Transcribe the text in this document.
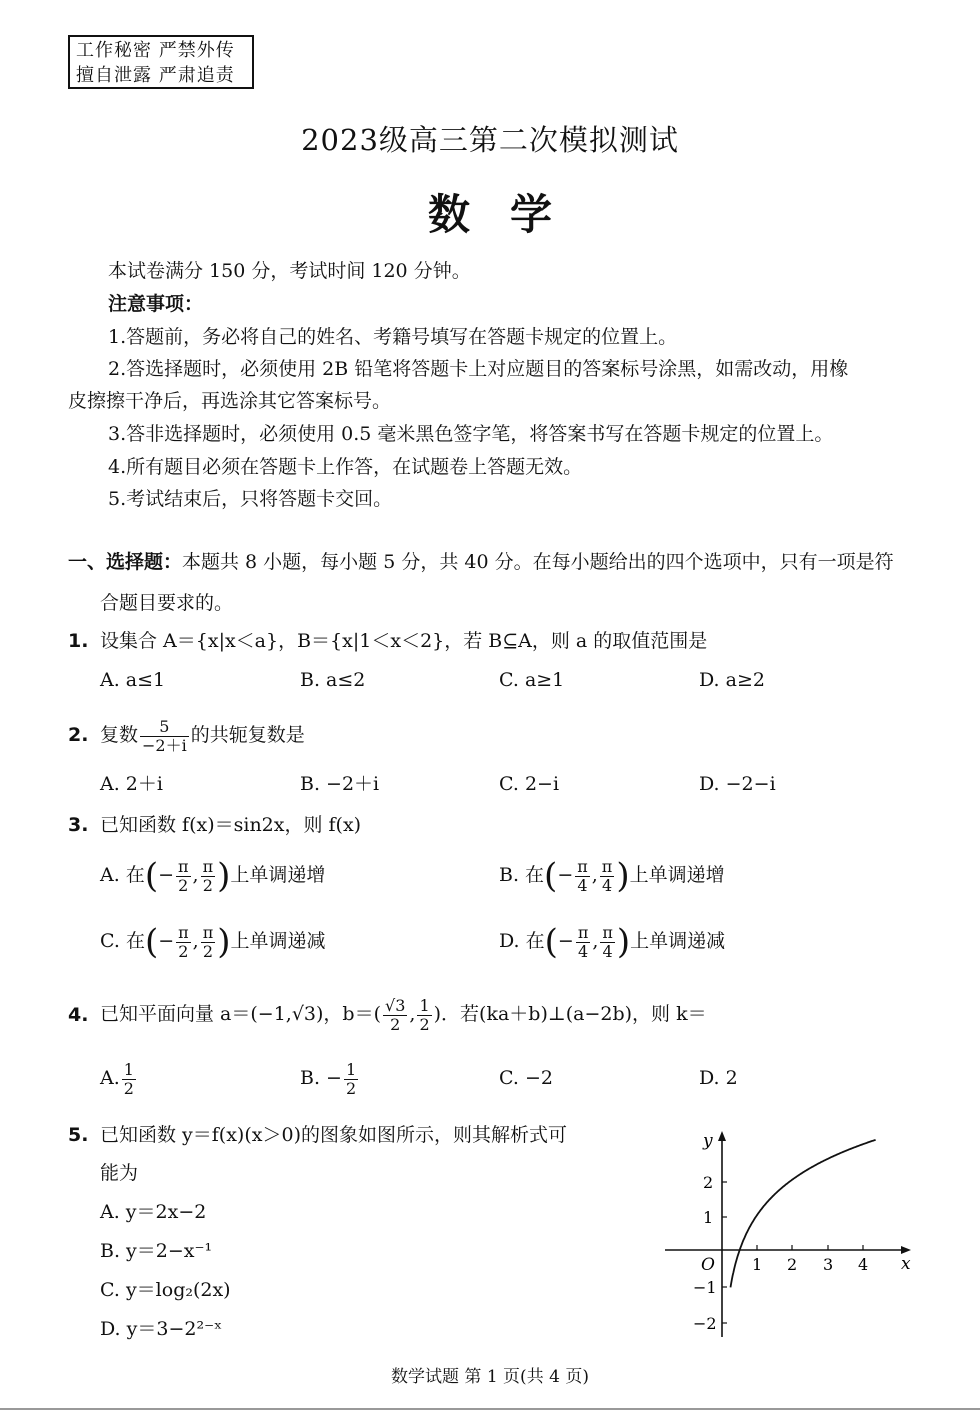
工作秘密 严禁外传
擅自泄露 严肃追责
2023级高三第二次模拟测试
数学
本试卷满分 150 分，考试时间 120 分钟。
注意事项：
1.答题前，务必将自己的姓名、考籍号填写在答题卡规定的位置上。
2.答选择题时，必须使用 2B 铅笔将答题卡上对应题目的答案标号涂黑，如需改动，用橡
皮擦擦干净后，再选涂其它答案标号。
3.答非选择题时，必须使用 0.5 毫米黑色签字笔，将答案书写在答题卡规定的位置上。
4.所有题目必须在答题卡上作答，在试题卷上答题无效。
5.考试结束后，只将答题卡交回。
一、选择题：本题共 8 小题，每小题 5 分，共 40 分。在每小题给出的四个选项中，只有一项是符
合题目要求的。
1. 设集合 A＝{x|x＜a}，B＝{x|1＜x＜2}，若 B⊆A，则 a 的取值范围是
A. a≤1	B. a≤2	C. a≥1	D. a≥2
2. 复数 $\frac{5}{-2+i}$ 的共轭复数是
A. 2＋i	B. −2＋i	C. 2−i	D. −2−i
3. 已知函数 f(x)＝sin2x，则 f(x)
A. 在(− $\frac{\pi}{2}$ , $\frac{\pi}{2}$ )上单调递增	B. 在(− $\frac{\pi}{4}$ , $\frac{\pi}{4}$ )上单调递增
C. 在(− $\frac{\pi}{2}$ , $\frac{\pi}{2}$ )上单调递减	D. 在(− $\frac{\pi}{4}$ , $\frac{\pi}{4}$ )上单调递减
4. 已知平面向量 a＝(−1,√3)，$b=( \frac{√3}{2}$ , $\frac{1}{2}$ )．若(ka＋b)⊥(a−2b)，则 k＝
A. $\frac{1}{2}$	B. − $\frac{1}{2}$	C. −2	D. 2
5. 已知函数 y＝f(x)(x＞0)的图象如图所示，则其解析式可
能为
A. y＝2x−2
B. y＝2−x⁻¹
C. y＝log₂(2x)
D. y＝3−2²⁻ˣ
y
x
O 1 2 3 4
2
1
−1
−2
数学试题 第 1 页(共 4 页)
